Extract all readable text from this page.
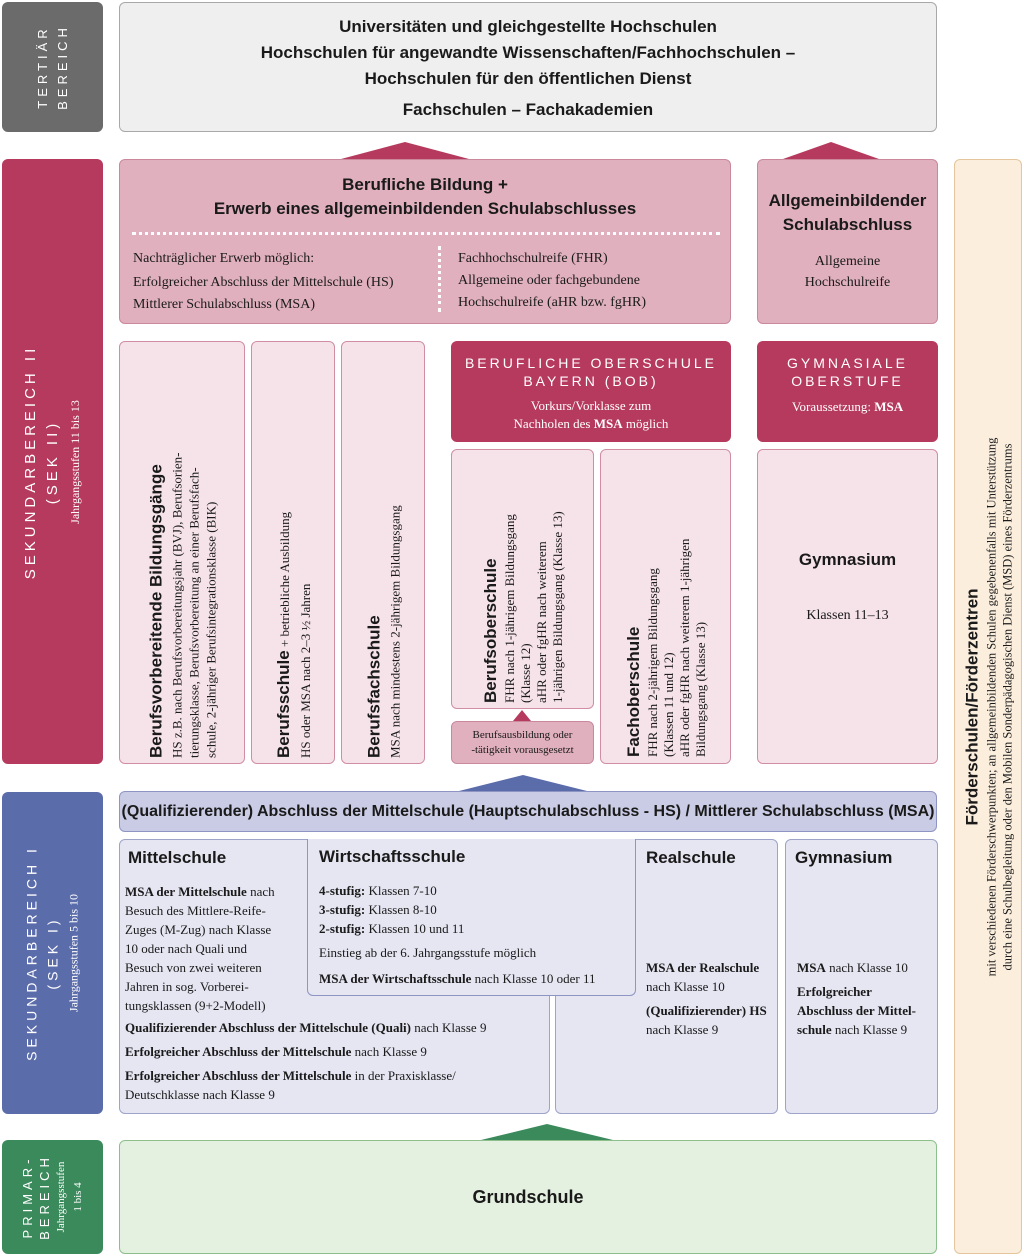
TERTIÄR BEREICH
SEKUNDARBEREICH II (SEK II) Jahrgangsstufen 11 bis 13
SEKUNDARBEREICH I (SEK I) Jahrgangsstufen 5 bis 10
PRIMAR- BEREICH Jahrgangsstufen 1 bis 4
Universitäten und gleichgestellte Hochschulen
Hochschulen für angewandte Wissenschaften/Fachhochschulen –
Hochschulen für den öffentlichen Dienst
Fachschulen – Fachakademien
Berufliche Bildung +
Erwerb eines allgemeinbildenden Schulabschlusses
Nachträglicher Erwerb möglich:
Erfolgreicher Abschluss der Mittelschule (HS)
Mittlerer Schulabschluss (MSA)
Fachhochschulreife (FHR)
Allgemeine oder fachgebundene
Hochschulreife (aHR bzw. fgHR)
Allgemeinbildender
Schulabschluss
Allgemeine
Hochschulreife
Berufsvorbereitende Bildungsgänge HS z.B. nach Berufsvorbereitungsjahr (BVJ), Berufsorien- tierungsklasse, Berufsvorbereitung an einer Berufsfach- schule, 2-jähriger Berufsintegrationsklasse (BIK)	Berufsschule + betriebliche Ausbildung
HS oder MSA nach 2–3 ½ Jahren	Berufsfachschule MSA nach mindestens 2-jährigem Bildungsgang
BERUFLICHE OBERSCHULE
BAYERN (BOB)
Vorkurs/Vorklasse zum
Nachholen des MSA möglich
Berufsoberschule FHR nach 1-jährigem Bildungsgang (Klasse 12) aHR oder fgHR nach weiterem 1-jährigen Bildungsgang (Klasse 13)
Berufsausbildung oder
-tätigkeit vorausgesetzt	Fachoberschule FHR nach 2-jährigem Bildungsgang (Klassen 11 und 12) aHR oder fgHR nach weiterem 1-jährigen Bildungsgang (Klasse 13)
GYMNASIALE
OBERSTUFE
Voraussetzung: MSA
Gymnasium
Klassen 11–13
(Qualifizierender) Abschluss der Mittelschule (Hauptschulabschluss - HS) / Mittlerer Schulabschluss (MSA)
Mittelschule
MSA der Mittelschule nach
Besuch des Mittlere-Reife-
Zuges (M-Zug) nach Klasse
10 oder nach Quali und
Besuch von zwei weiteren
Jahren in sog. Vorberei-
tungsklassen (9+2-Modell)
Qualifizierender Abschluss der Mittelschule (Quali) nach Klasse 9
Erfolgreicher Abschluss der Mittelschule nach Klasse 9
Erfolgreicher Abschluss der Mittelschule in der Praxisklasse/
Deutschklasse nach Klasse 9
Realschule
MSA der Realschule
nach Klasse 10
(Qualifizierender) HS
nach Klasse 9
Wirtschaftsschule
4-stufig: Klassen 7-10
3-stufig: Klassen 8-10
2-stufig: Klassen 10 und 11
Einstieg ab der 6. Jahrgangsstufe möglich
MSA der Wirtschaftsschule nach Klasse 10 oder 11
Gymnasium
MSA nach Klasse 10
Erfolgreicher
Abschluss der Mittel-
schule nach Klasse 9
Grundschule
Förderschulen/Förderzentren mit verschiedenen Förderschwerpunkten; an allgemeinbildenden Schulen gegebenenfalls mit Unterstützung durch eine Schulbegleitung oder den Mobilen Sonderpädagogischen Dienst (MSD) eines Förderzentrums
